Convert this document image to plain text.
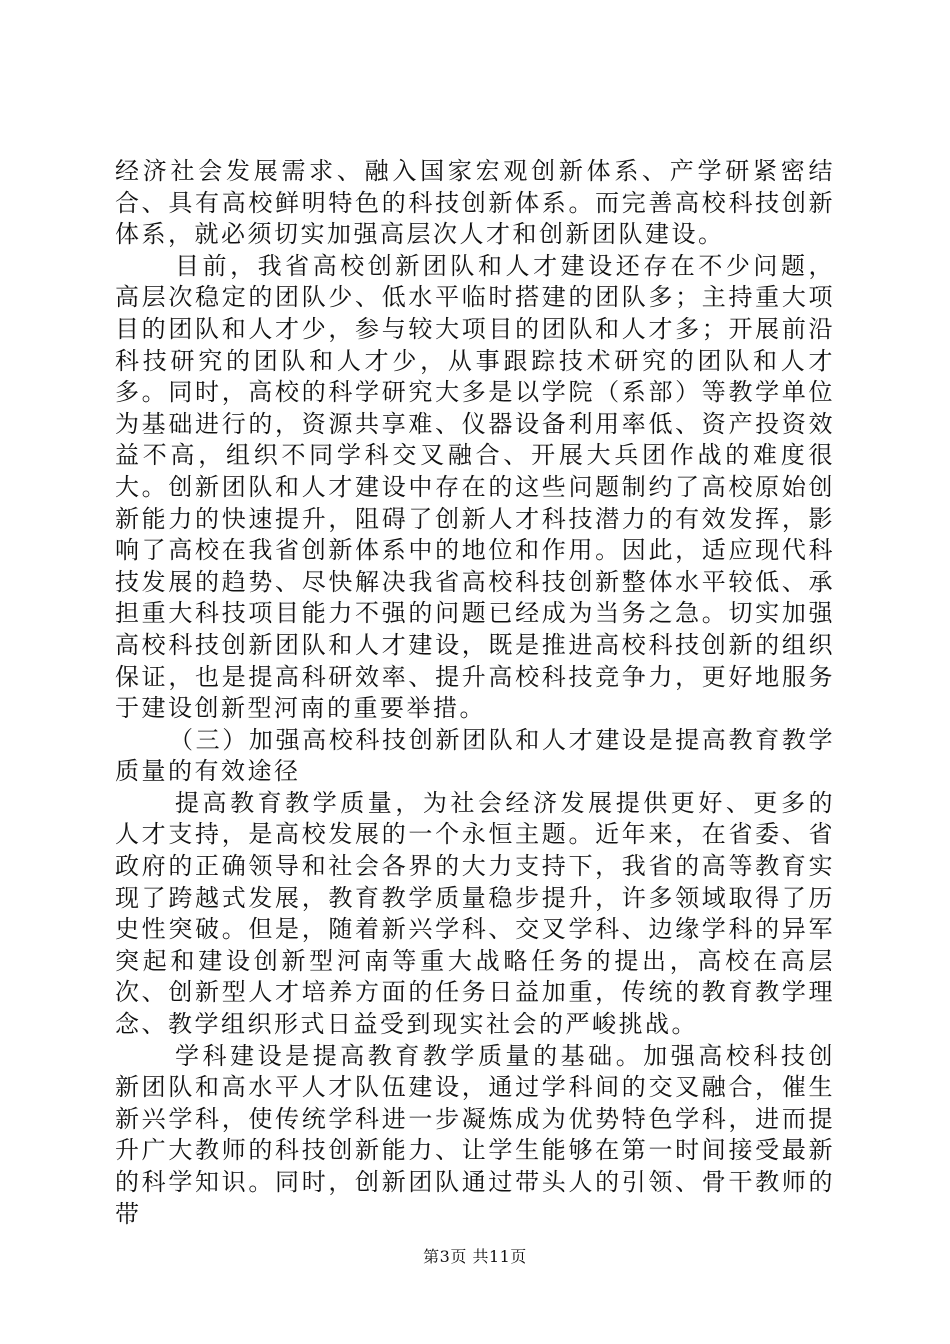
经济社会发展需求、融入国家宏观创新体系、产学研紧密结合、具有高校鲜明特色的科技创新体系。而完善高校科技创新体系，就必须切实加强高层次人才和创新团队建设。

目前，我省高校创新团队和人才建设还存在不少问题，高层次稳定的团队少、低水平临时搭建的团队多；主持重大项目的团队和人才少，参与较大项目的团队和人才多；开展前沿科技研究的团队和人才少，从事跟踪技术研究的团队和人才多。同时，高校的科学研究大多是以学院（系部）等教学单位为基础进行的，资源共享难、仪器设备利用率低、资产投资效益不高，组织不同学科交叉融合、开展大兵团作战的难度很大。创新团队和人才建设中存在的这些问题制约了高校原始创新能力的快速提升，阻碍了创新人才科技潜力的有效发挥，影响了高校在我省创新体系中的地位和作用。因此，适应现代科技发展的趋势、尽快解决我省高校科技创新整体水平较低、承担重大科技项目能力不强的问题已经成为当务之急。切实加强高校科技创新团队和人才建设，既是推进高校科技创新的组织保证，也是提高科研效率、提升高校科技竞争力，更好地服务于建设创新型河南的重要举措。

（三）加强高校科技创新团队和人才建设是提高教育教学质量的有效途径

提高教育教学质量，为社会经济发展提供更好、更多的人才支持，是高校发展的一个永恒主题。近年来，在省委、省政府的正确领导和社会各界的大力支持下，我省的高等教育实现了跨越式发展，教育教学质量稳步提升，许多领域取得了历史性突破。但是，随着新兴学科、交叉学科、边缘学科的异军突起和建设创新型河南等重大战略任务的提出，高校在高层次、创新型人才培养方面的任务日益加重，传统的教育教学理念、教学组织形式日益受到现实社会的严峻挑战。

学科建设是提高教育教学质量的基础。加强高校科技创新团队和高水平人才队伍建设，通过学科间的交叉融合，催生新兴学科，使传统学科进一步凝炼成为优势特色学科，进而提升广大教师的科技创新能力、让学生能够在第一时间接受最新的科学知识。同时，创新团队通过带头人的引领、骨干教师的带

第3页 共11页
